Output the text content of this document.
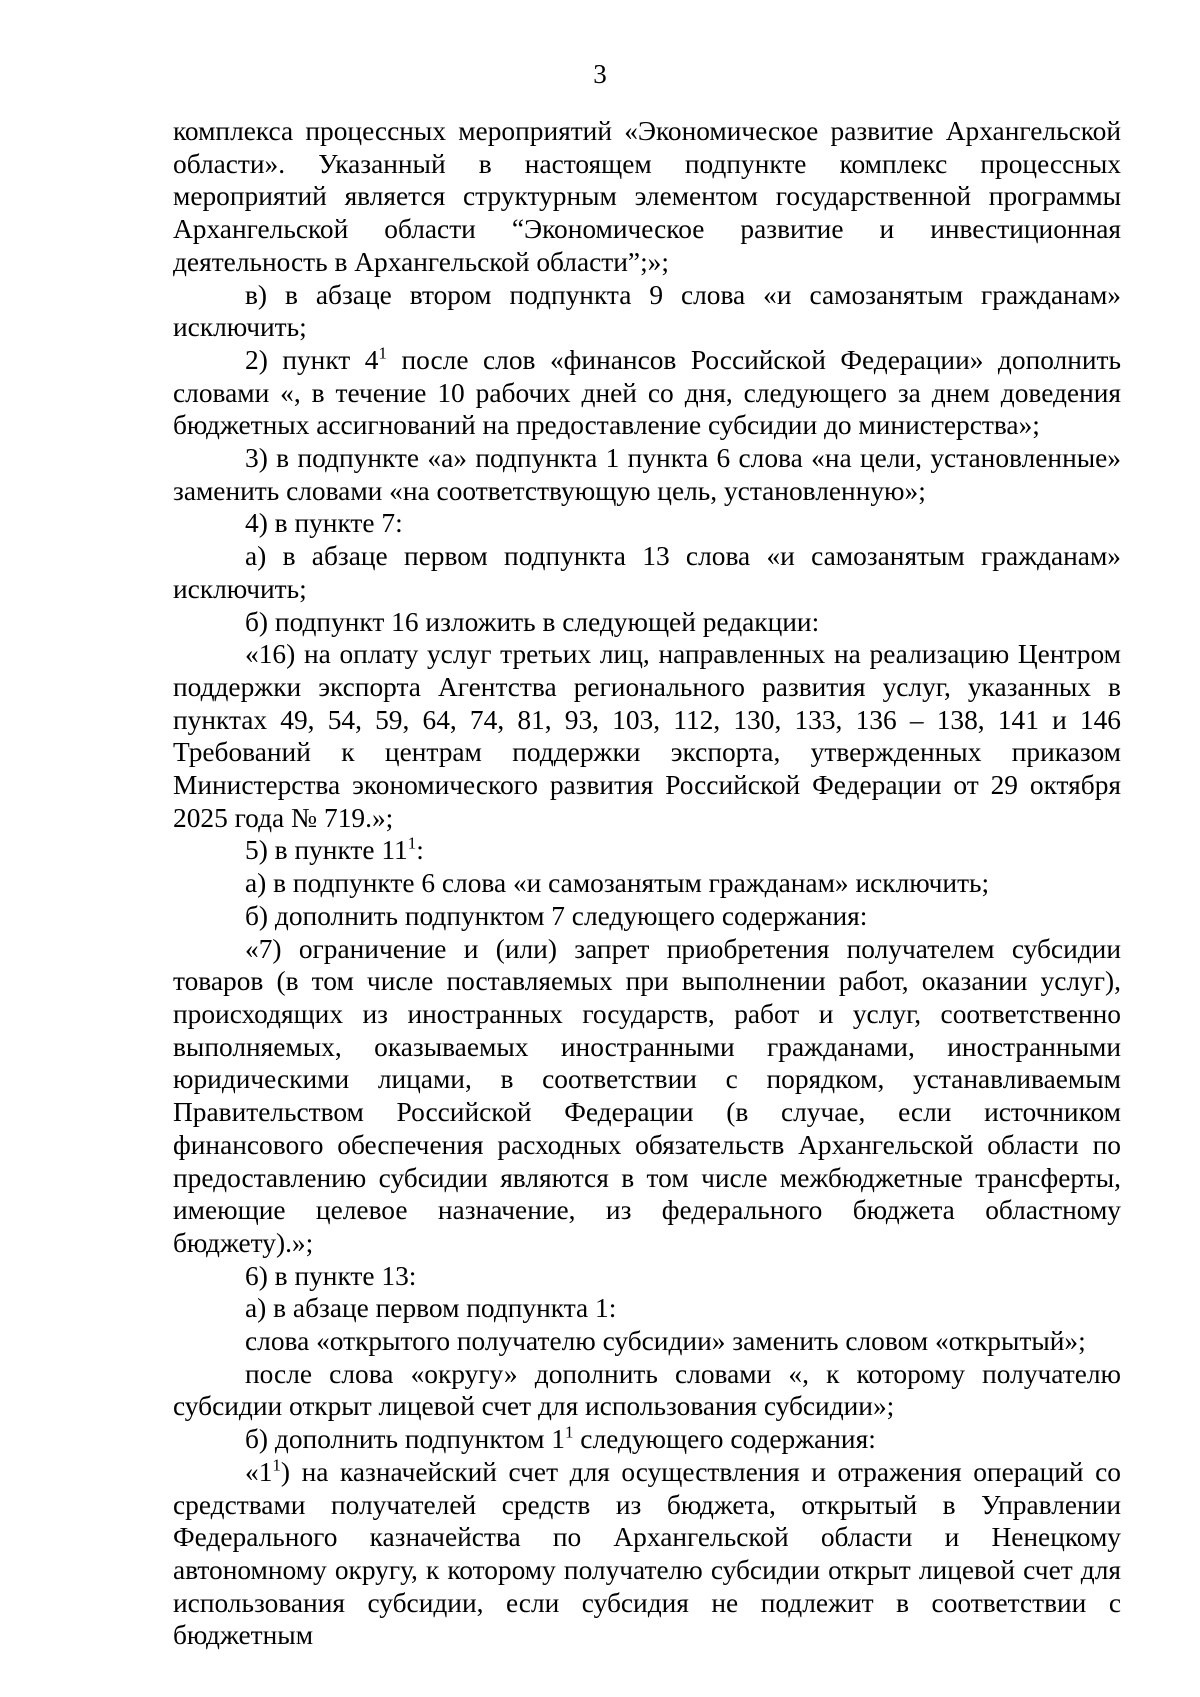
3

комплекса процессных мероприятий «Экономическое развитие Архангельской области». Указанный в настоящем подпункте комплекс процессных мероприятий является структурным элементом государственной программы Архангельской области “Экономическое развитие и инвестиционная деятельность в Архангельской области”;»;

в) в абзаце втором подпункта 9 слова «и самозанятым гражданам» исключить;

2) пункт $4^1$ после слов «финансов Российской Федерации» дополнить словами «, в течение 10 рабочих дней со дня, следующего за днем доведения бюджетных ассигнований на предоставление субсидии до министерства»;

3) в подпункте «а» подпункта 1 пункта 6 слова «на цели, установленные» заменить словами «на соответствующую цель, установленную»;

4) в пункте 7:

а) в абзаце первом подпункта 13 слова «и самозанятым гражданам» исключить;

б) подпункт 16 изложить в следующей редакции:

«16) на оплату услуг третьих лиц, направленных на реализацию Центром поддержки экспорта Агентства регионального развития услуг, указанных в пунктах 49, 54, 59, 64, 74, 81, 93, 103, 112, 130, 133, 136 – 138, 141 и 146 Требований к центрам поддержки экспорта, утвержденных приказом Министерства экономического развития Российской Федерации от 29 октября 2025 года № 719.»;

5) в пункте $11^1$:

а) в подпункте 6 слова «и самозанятым гражданам» исключить;

б) дополнить подпунктом 7 следующего содержания:

«7) ограничение и (или) запрет приобретения получателем субсидии товаров (в том числе поставляемых при выполнении работ, оказании услуг), происходящих из иностранных государств, работ и услуг, соответственно выполняемых, оказываемых иностранными гражданами, иностранными юридическими лицами, в соответствии с порядком, устанавливаемым Правительством Российской Федерации (в случае, если источником финансового обеспечения расходных обязательств Архангельской области по предоставлению субсидии являются в том числе межбюджетные трансферты, имеющие целевое назначение, из федерального бюджета областному бюджету).»;

6) в пункте 13:

а) в абзаце первом подпункта 1:

слова «открытого получателю субсидии» заменить словом «открытый»;

после слова «округу» дополнить словами «, к которому получателю субсидии открыт лицевой счет для использования субсидии»;

б) дополнить подпунктом $1^1$ следующего содержания:

«$1^1$) на казначейский счет для осуществления и отражения операций со средствами получателей средств из бюджета, открытый в Управлении Федерального казначейства по Архангельской области и Ненецкому автономному округу, к которому получателю субсидии открыт лицевой счет для использования субсидии, если субсидия не подлежит в соответствии с бюджетным
